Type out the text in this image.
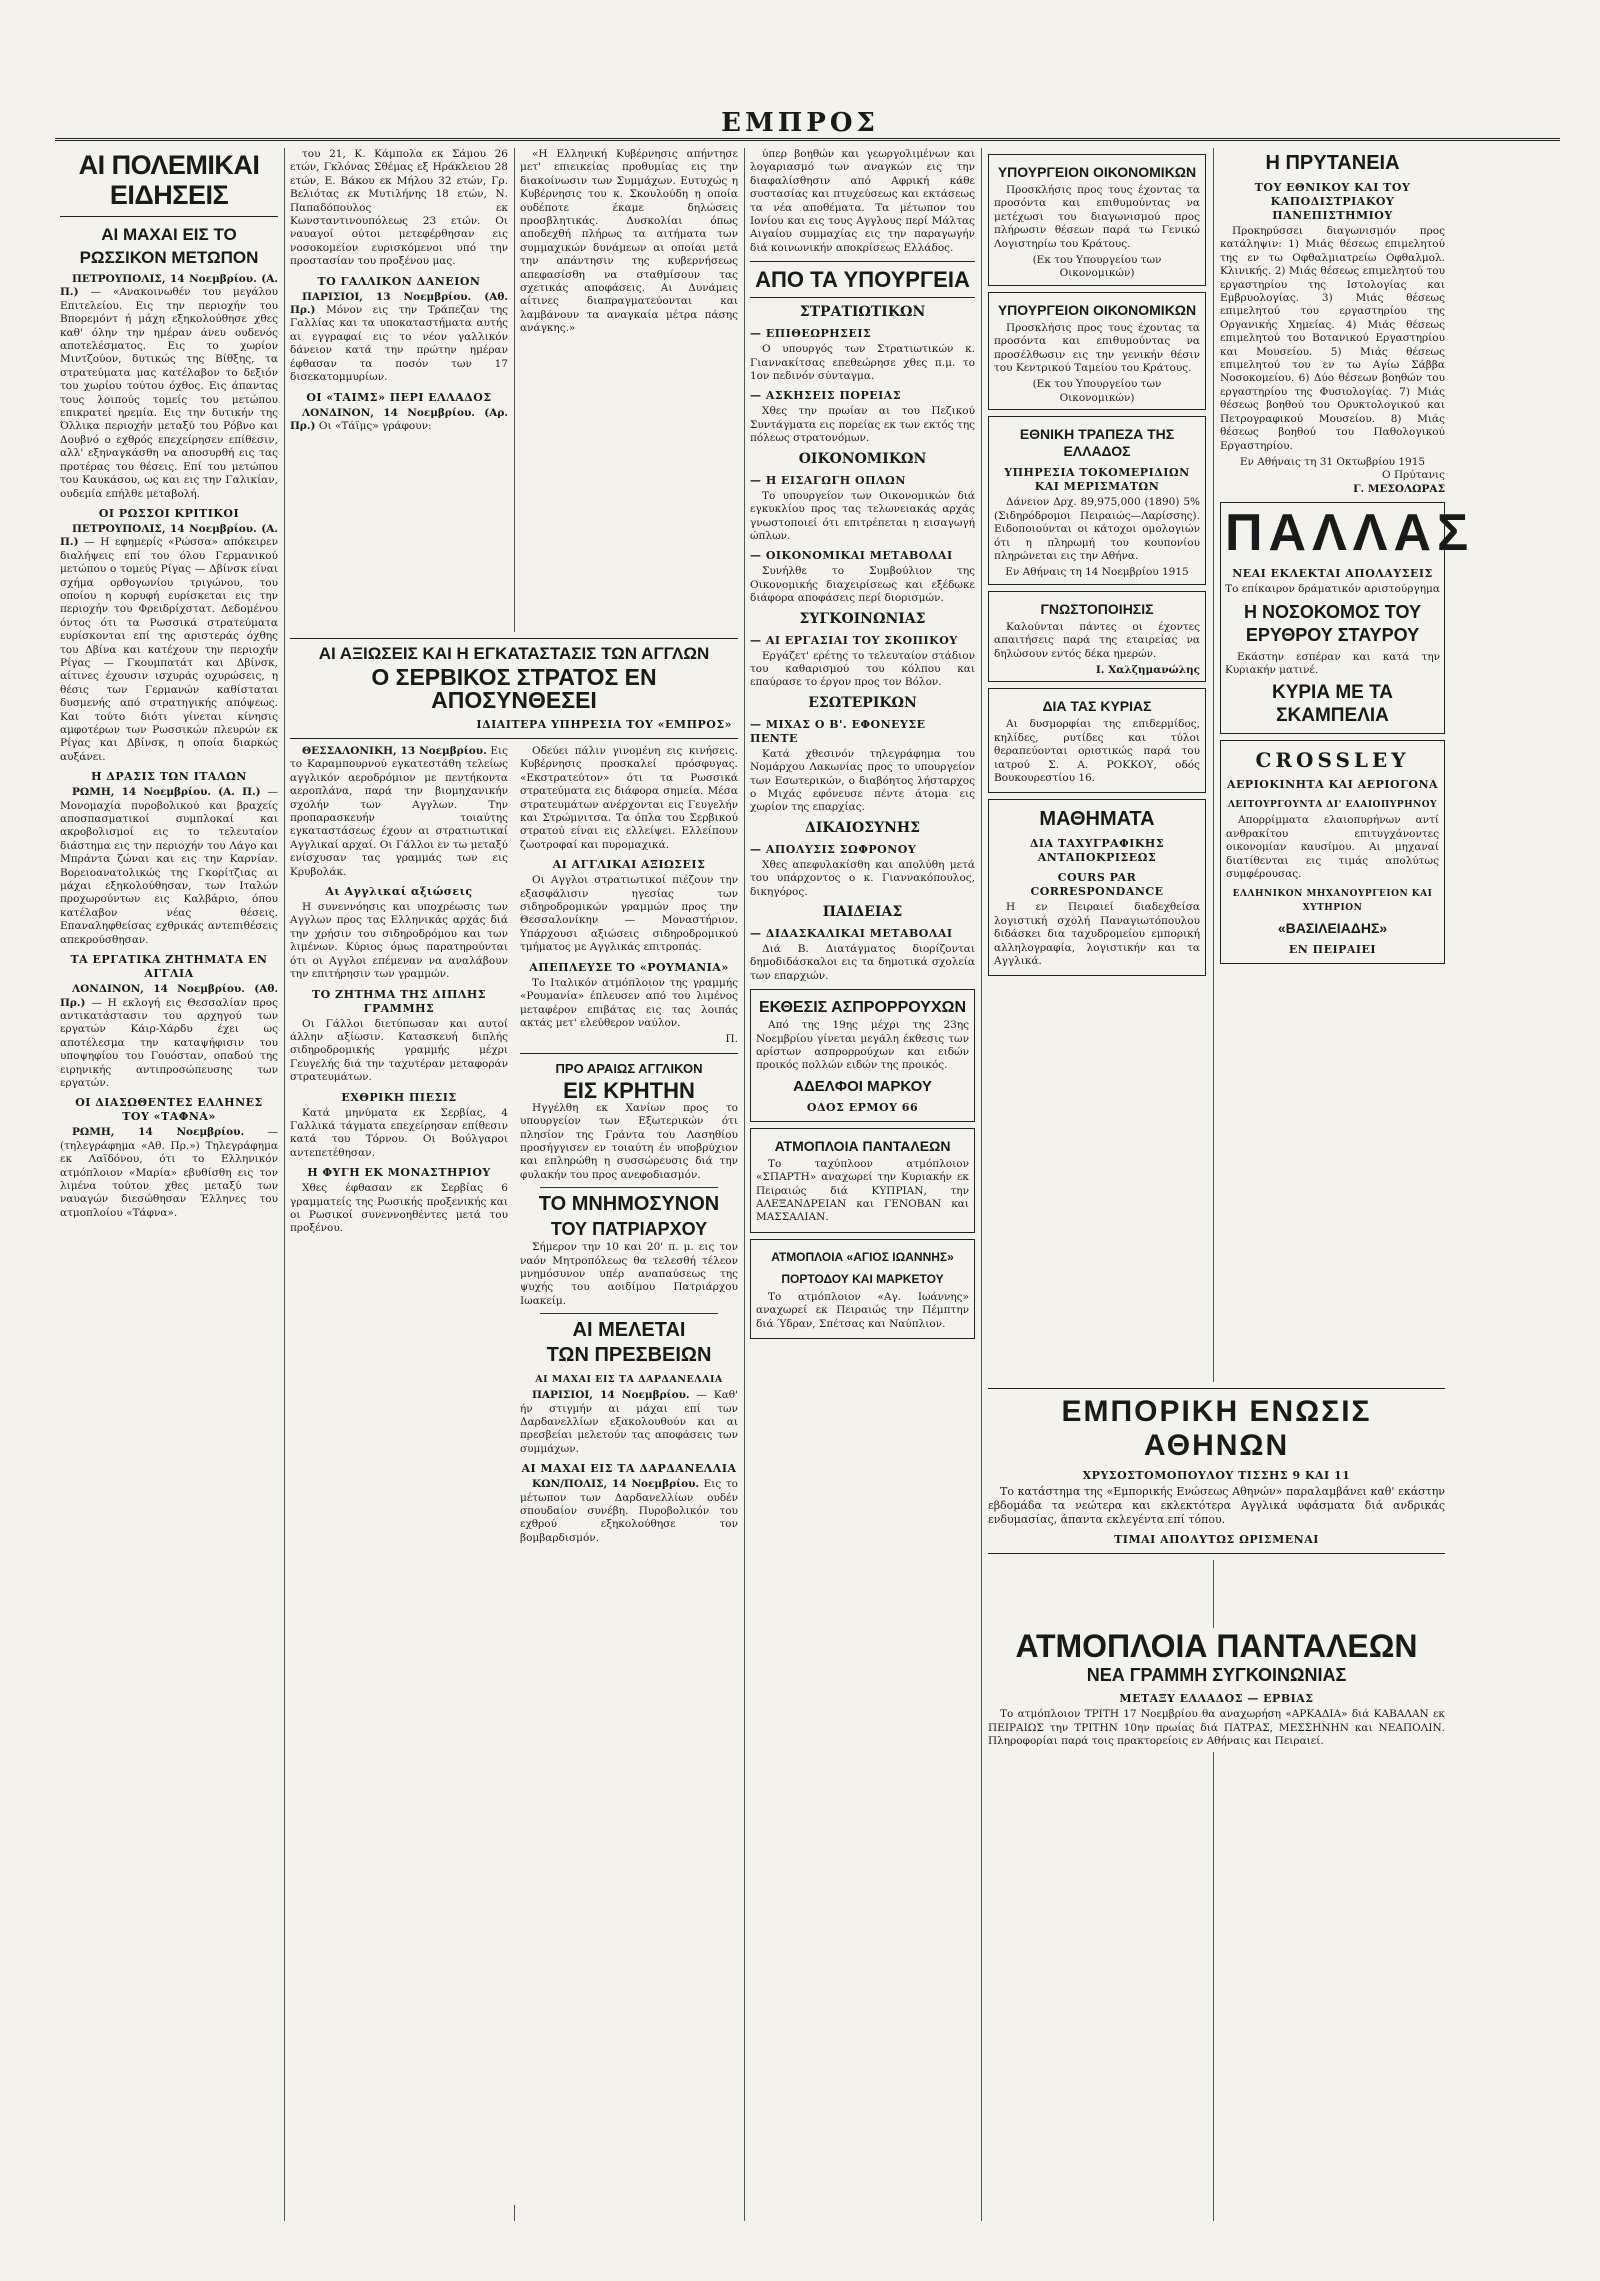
ΕΜΠΡΟΣ
ΑΙ ΠΟΛΕΜΙΚΑΙ ΕΙΔΗΣΕΙΣ
ΑΙ ΜΑΧΑΙ ΕΙΣ ΤΟ ΡΩΣΣΙΚΟΝ ΜΕΤΩΠΟΝ

ΠΕΤΡΟΥΠΟΛΙΣ, 14 Νοεμβρίου. (Α. Π.) — «Ανακοινωθέν του μεγάλου Επιτελείου. Εις την περιοχήν του Βπορεμόντ ή μάχη εξηκολούθησε χθες καθ' όλην την ημέραν άνευ ουδενός αποτελέσματος. Εις το χωρίον Μιντζούον, δυτικώς της Βίθξης, τα στρατεύματα μας κατέλαβον το δεξιόν του χωρίου τούτου όχθος. Εις άπαντας τους λοιπούς τομείς του μετώπου επικρατεί ηρεμία. Εις την δυτικήν της Όλλικα περιοχήν μεταξύ του Ρόβνο και Δουβνό ο εχθρός επεχείρησεν επίθεσιν, αλλ' εξηναγκάσθη να αποσυρθή εις τας προτέρας του θέσεις. Επί του μετώπου του Καυκάσου, ως και εις την Γαλικίαν, ουδεμία επήλθε μεταβολή.

ΟΙ ΡΩΣΣΟΙ ΚΡΙΤΙΚΟΙ

ΠΕΤΡΟΥΠΟΛΙΣ, 14 Νοεμβρίου. (Α. Π.) — Η εφημερίς «Ρώσσα» απόκειρεν διαλήψεις επί του όλου Γερμανικού μετώπου ο τομεύς Ρίγας — Δβίνσκ είναι σχήμα ορθογωνίου τριγώνου, του οποίου η κορυφή ευρίσκεται εις την περιοχήν του Φρειδρίχστατ. Δεδομένου όντος ότι τα Ρωσσικά στρατεύματα ευρίσκονται επί της αριστεράς όχθης του Δβίνα και κατέχουν την περιοχήν Ρίγας — Γκουμπατάτ και Δβίνσκ, αίτινες έχουσιν ισχυράς οχυρώσεις, η θέσις των Γερμανών καθίσταται δυσμενής από στρατηγικής απόψεως. Και τούτο διότι γίνεται κίνησις αμφοτέρων των Ρωσσικών πλευρών εκ Ρίγας και Δβίνσκ, η οποία διαρκώς αυξάνει.

Η ΔΡΑΣΙΣ ΤΩΝ ΙΤΑΛΩΝ

ΡΩΜΗ, 14 Νοεμβρίου. (Α. Π.) — Μονομαχία πυροβολικού και βραχείς αποσπασματικοί συμπλοκαί και ακροβολισμοί εις το τελευταίον διάστημα εις την περιοχήν του Λάγο και Μπράντα ζώναι και εις την Καρνίαν. Βορειοανατολικώς της Γκορίτζιας αι μάχαι εξηκολούθησαν, των Ιταλών προχωρούντων εις Καλβάριο, όπου κατέλαβον νέας θέσεις. Επαναληφθείσας εχθρικάς αντεπιθέσεις απεκρούσθησαν.

ΤΑ ΕΡΓΑΤΙΚΑ ΖΗΤΗΜΑΤΑ ΕΝ ΑΓΓΛΙΑ

ΛΟΝΔΙΝΟΝ, 14 Νοεμβρίου. (Αθ. Πρ.) — Η εκλογή εις Θεσσαλίαν προς αντικατάστασιν του αρχηγού των εργατών Κάιρ-Χάρδυ έχει ως αποτέλεσμα την καταψήφισιν του υποψηφίου του Γουόσταν, οπαδού της ειρηνικής αντιπροσώπευσης των εργατών.

ΟΙ ΔΙΑΣΩΘΕΝΤΕΣ ΕΛΛΗΝΕΣ ΤΟΥ «ΤΑΦΝΑ»

ΡΩΜΗ, 14 Νοεμβρίου. — (τηλεγράφημα «Αθ. Πρ.») Τηλεγράφημα εκ Λαϊδόνου, ότι το Ελληνικόν ατμόπλοιον «Μαρία» εβυθίσθη εις τον λιμένα τούτον χθες μεταξύ των ναυαγών διεσώθησαν Έλληνες του ατμοπλοίου «Τάφνα».

του 21, Κ. Κάμπολα εκ Σάμου 26 ετών, Γκλόνας Σθέμας εξ Ηράκλειου 28 ετών, Ε. Βάκου εκ Μήλου 32 ετών, Γρ. Βελιότας εκ Μυτιλήνης 18 ετών, Ν. Παπαδόπουλος εκ Κωνσταντινουπόλεως 23 ετών. Οι ναυαγοί ούτοι μετεφέρθησαν εις νοσοκομείον ευρισκόμενοι υπό την προστασίαν του προξένου μας.

ΤΟ ΓΑΛΛΙΚΟΝ ΔΑΝΕΙΟΝ

ΠΑΡΙΣΙΟΙ, 13 Νοεμβρίου. (Αθ. Πρ.) Μόνον εις την Τράπεζαν της Γαλλίας και τα υποκαταστήματα αυτής αι εγγραφαί εις το νέον γαλλικόν δάνειον κατά την πρώτην ημέραν έφθασαν τα ποσόν των 17 δισεκατομμυρίων.

ΟΙ «ΤΑΙΜΣ» ΠΕΡΙ ΕΛΛΑΔΟΣ

ΛΟΝΔΙΝΟΝ, 14 Νοεμβρίου. (Αρ. Πρ.) Οι «Τάϊμς» γράφουν:

«Η Ελληνική Κυβέρνησις απήντησε μετ' επιεικείας προθυμίας εις την διακοίνωσιν των Συμμάχων. Ευτυχώς η Κυβέρνησις του κ. Σκουλούδη η οποία ουδέποτε έκαμε δηλώσεις προσβλητικάς. Δυσκολίαι όπως αποδεχθή πλήρως τα αιτήματα των συμμαχικών δυνάμεων αι οποίαι μετά την απάντησιν της κυβερνήσεως απεφασίσθη να σταθμίσουν τας σχετικάς αποφάσεις. Αι Δυνάμεις αίτινες διαπραγματεύονται και λαμβάνουν τα αναγκαία μέτρα πάσης ανάγκης.»

ΑΙ ΑΞΙΩΣΕΙΣ ΚΑΙ Η ΕΓΚΑΤΑΣΤΑΣΙΣ ΤΩΝ ΑΓΓΛΩΝ
Ο ΣΕΡΒΙΚΟΣ ΣΤΡΑΤΟΣ ΕΝ ΑΠΟΣΥΝΘΕΣΕΙ
ΙΔΙΑΙΤΕΡΑ ΥΠΗΡΕΣΙΑ ΤΟΥ «ΕΜΠΡΟΣ»

ΘΕΣΣΑΛΟΝΙΚΗ, 13 Νοεμβρίου. Εις το Καραμπουρνού εγκατεστάθη τελείως αγγλικόν αεροδρόμιον με πεντήκοντα αεροπλάνα, παρά την βιομηχανικήν σχολήν των Αγγλων. Την προπαρασκευήν τοιαύτης εγκαταστάσεως έχουν αι στρατιωτικαί Αγγλικαί αρχαί. Οι Γάλλοι εν τω μεταξύ ενίσχυσαν τας γραμμάς των εις Κρυβολάκ.

Αι Αγγλικαί αξιώσεις

Η συνεννόησις και υποχρέωσις των Αγγλων προς τας Ελληνικάς αρχάς διά την χρήσιν του σιδηροδρόμου και των λιμένων. Κύριος όμως παρατηρούνται ότι οι Αγγλοι επέμεναν να αναλάβουν την επιτήρησιν των γραμμών.

ΤΟ ΖΗΤΗΜΑ ΤΗΣ ΔΙΠΛΗΣ ΓΡΑΜΜΗΣ

Οι Γάλλοι διετύπωσαν και αυτοί άλλην αξίωσιν. Κατασκευή διπλής σιδηροδρομικής γραμμής μέχρι Γευγελής διά την ταχυτέραν μεταφοράν στρατευμάτων.

ΕΧΘΡΙΚΗ ΠΙΕΣΙΣ

Κατά μηνύματα εκ Σερβίας, 4 Γαλλικά τάγματα επεχείρησαν επίθεσιν κατά του Τόρνου. Οι Βούλγαροι αντεπετέθησαν.

Η ΦΥΓΗ ΕΚ ΜΟΝΑΣΤΗΡΙΟΥ

Χθες έφθασαν εκ Σερβίας 6 γραμματείς της Ρωσικής προξενικής και οι Ρωσικοί συνεννοηθέντες μετά του προξένου.

Οδεύει πάλιν γινομένη εις κινήσεις. Κυβέρνησις προσκαλεί πρόσφυγας. «Εκστρατεύτον» ότι τα Ρωσσικά στρατεύματα εις διάφορα σημεία. Μέσα στρατευμάτων ανέρχονται εις Γευγελήν και Στρώμνιτσα. Τα όπλα του Σερβικού στρατού είναι εις ελλείψει. Ελλείπουν ζωοτροφαί και πυρομαχικά.

ΑΙ ΑΓΓΛΙΚΑΙ ΑΞΙΩΣΕΙΣ

Οι Αγγλοι στρατιωτικοί πιέζουν την εξασφάλισιν ηγεσίας των σιδηροδρομικών γραμμών προς την Θεσσαλονίκην — Μοναστήριον. Υπάρχουσι αξιώσεις σιδηροδρομικού τμήματος με Αγγλικάς επιτροπάς.

ΑΠΕΠΛΕΥΣΕ ΤΟ «ΡΟΥΜΑΝΙΑ»

Το Ιταλικόν ατμόπλοιον της γραμμής «Ρουμανία» έπλευσεν από του λιμένος μεταφέρον επιβάτας εις τας λοιπάς ακτάς μετ' ελεύθερον ναύλον.

Π.
ΠΡΟ ΑΡΑΙΩΣ ΑΓΓΛΙΚΟΝ
ΕΙΣ ΚΡΗΤΗΝ

Ηγγέλθη εκ Χανίων προς το υπουργείον των Εξωτερικών ότι πλησίον της Γράντα του Λασηθίου προσήγγισεν εν τοιαύτη έν υποβρύχιον και επληρώθη η συσσώρευσις διά την φυλακήν του προς ανεφοδιασμόν.

ΤΟ ΜΝΗΜΟΣΥΝΟΝ
ΤΟΥ ΠΑΤΡΙΑΡΧΟΥ

Σήμερον την 10 και 20' π. μ. εις τον ναόν Μητροπόλεως θα τελεσθή τέλεον μνημόσυνον υπέρ αναπαύσεως της ψυχής του αοιδίμου Πατριάρχου Ιωακείμ.

ΑΙ ΜΕΛΕΤΑΙ
ΤΩΝ ΠΡΕΣΒΕΙΩΝ
ΑΙ ΜΑΧΑΙ ΕΙΣ ΤΑ ΔΑΡΔΑΝΕΛΛΙΑ

ΠΑΡΙΣΙΟΙ, 14 Νοεμβρίου. — Καθ' ήν στιγμήν αι μάχαι επί των Δαρδανελλίων εξακολουθούν και αι πρεσβείαι μελετούν τας αποφάσεις των συμμάχων.

ΑΙ ΜΑΧΑΙ ΕΙΣ ΤΑ ΔΑΡΔΑΝΕΛΛΙΑ

ΚΩΝ/ΠΟΛΙΣ, 14 Νοεμβρίου. Εις το μέτωπον των Δαρδανελλίων ουδέν σπουδαίον συνέβη. Πυροβολικόν του εχθρού εξηκολούθησε τον βομβαρδισμόν.

ύπερ βοηθών και γεωργολιμένων και λογαριασμό των αναγκών εις την διαφαλίσθησιν από Αφρική κάθε συστασίας και πτυχεύσεως και εκτάσεως τα νέα αποθέματα. Τα μέτωπον του Ιονίου και εις τους Αγγλους περί Μάλτας Αιγαίου συμμαχίας εις την παραγωγήν διά κοινωνικήν αποκρίσεως Ελλάδος.

ΑΠΟ ΤΑ ΥΠΟΥΡΓΕΙΑ
ΣΤΡΑΤΙΩΤΙΚΩΝ
— ΕΠΙΘΕΩΡΗΣΕΙΣ

Ο υπουργός των Στρατιωτικών κ. Γιαννακίτσας επεθεώρησε χθες π.μ. το 1ον πεδινόν σύνταγμα.

— ΑΣΚΗΣΕΙΣ ΠΟΡΕΙΑΣ

Χθες την πρωίαν αι του Πεζικού Συντάγματα εις πορείας εκ των εκτός της πόλεως στρατονόμων.

ΟΙΚΟΝΟΜΙΚΩΝ
— Η ΕΙΣΑΓΩΓΗ ΟΠΛΩΝ

Το υπουργείον των Οικονομικών διά εγκυκλίου προς τας τελωνειακάς αρχάς γνωστοποιεί ότι επιτρέπεται η εισαγωγή ώπλων.

— ΟΙΚΟΝΟΜΙΚΑΙ ΜΕΤΑΒΟΛΑΙ

Συνήλθε το Συμβούλιον της Οικονομικής διαχειρίσεως και εξέδωκε διάφορα αποφάσεις περί διορισμών.

ΣΥΓΚΟΙΝΩΝΙΑΣ
— ΑΙ ΕΡΓΑΣΙΑΙ ΤΟΥ ΣΚΟΠΙΚΟΥ

Εργάζετ' ερέτης το τελευταίον στάδιον του καθαρισμού του κόλπου και επαύρασε το έργον προς τον Βόλον.

ΕΣΩΤΕΡΙΚΩΝ
— ΜΙΧΑΣ Ο Β'. ΕΦΟΝΕΥΣΕ ΠΕΝΤΕ

Κατά χθεσινόν τηλεγράφημα του Νομάρχου Λακωνίας προς το υπουργείον των Εσωτερικών, ο διαβόητος λήσταρχος ο Μιχάς εφόνευσε πέντε άτομα εις χωρίον της επαρχίας.

ΔΙΚΑΙΟΣΥΝΗΣ
— ΑΠΟΛΥΣΙΣ ΣΩΦΡΟΝΟΥ

Χθες απεφυλακίσθη και απολύθη μετά του υπάρχοντος ο κ. Γιαννακόπουλος, δικηγόρος.

ΠΑΙΔΕΙΑΣ
— ΔΙΔΑΣΚΑΛΙΚΑΙ ΜΕΤΑΒΟΛΑΙ

Διά Β. Διατάγματος διορίζονται δημοδιδάσκαλοι εις τα δημοτικά σχολεία των επαρχιών.

ΕΚΘΕΣΙΣ ΑΣΠΡΟΡΡΟΥΧΩΝ

Από της 19ης μέχρι της 23ης Νοεμβρίου γίνεται μεγάλη έκθεσις των αρίστων ασπρορρούχων και ειδών προικός πολλών ειδών της προικός.

ΑΔΕΛΦΟΙ ΜΑΡΚΟΥ
ΟΔΟΣ ΕΡΜΟΥ 66
ΑΤΜΟΠΛΟΙΑ ΠΑΝΤΑΛΕΩΝ

Το ταχύπλοον ατμόπλοιον «ΣΠΑΡΤΗ» αναχωρεί την Κυριακήν εκ Πειραιώς διά ΚΥΠΡΙΑΝ, την ΑΛΕΞΑΝΔΡΕΙΑΝ και ΓΕΝΟΒΑΝ και ΜΑΣΣΑΛΙΑΝ.

ΑΤΜΟΠΛΟΙΑ «ΑΓΙΟΣ ΙΩΑΝΝΗΣ»
ΠΟΡΤΟΔΟΥ ΚΑΙ ΜΑΡΚΕΤΟΥ

Το ατμόπλοιον «Αγ. Ιωάννης» αναχωρεί εκ Πειραιώς την Πέμπτην διά Ύδραν, Σπέτσας και Ναύπλιον.

ΥΠΟΥΡΓΕΙΟΝ ΟΙΚΟΝΟΜΙΚΩΝ

Προσκλήσις προς τους έχοντας τα προσόντα και επιθυμούντας να μετέχωσι του διαγωνισμού προς πλήρωσιν θέσεων παρά τω Γενικώ Λογιστηρίω του Κράτους.

(Εκ του Υπουργείου των Οικονομικών)
ΥΠΟΥΡΓΕΙΟΝ ΟΙΚΟΝΟΜΙΚΩΝ

Προσκλήσις προς τους έχοντας τα προσόντα και επιθυμούντας να προσέλθωσιν εις την γενικήν θέσιν του Κεντρικού Ταμείου του Κράτους.

(Εκ του Υπουργείου των Οικονομικών)
ΕΘΝΙΚΗ ΤΡΑΠΕΖΑ ΤΗΣ ΕΛΛΑΔΟΣ
ΥΠΗΡΕΣΙΑ ΤΟΚΟΜΕΡΙΔΙΩΝ ΚΑΙ ΜΕΡΙΣΜΑΤΩΝ

Δάνειον Δρχ. 89,975,000 (1890) 5% (Σιδηρόδρομοι Πειραιώς—Λαρίσσης). Ειδοποιούνται οι κάτοχοι ομολογιών ότι η πληρωμή του κουπονίου πληρώνεται εις την Αθήνα.

Εν Αθήναις τη 14 Νοεμβρίου 1915
ΓΝΩΣΤΟΠΟΙΗΣΙΣ

Καλούνται πάντες οι έχοντες απαιτήσεις παρά της εταιρείας να δηλώσουν εντός δέκα ημερών.

Ι. Χαλζημανώλης
ΔΙΑ ΤΑΣ ΚΥΡΙΑΣ

Αι δυσμορφίαι της επιδερμίδος, κηλίδες, ρυτίδες και τύλοι θεραπεύονται οριστικώς παρά του ιατρού Σ. Α. ΡΟΚΚΟΥ, οδός Βουκουρεστίου 16.

ΜΑΘΗΜΑΤΑ
ΔΙΑ ΤΑΧΥΓΡΑΦΙΚΗΣ ΑΝΤΑΠΟΚΡΙΣΕΩΣ
COURS PAR CORRESPONDANCE

Η εν Πειραιεί διαδεχθείσα λογιστική σχολή Παναγιωτόπουλου διδάσκει δια ταχυδρομείου εμπορική αλληλογραφία, λογιστικήν και τα Αγγλικά.

Η ΠΡΥΤΑΝΕΙΑ
ΤΟΥ ΕΘΝΙΚΟΥ ΚΑΙ ΤΟΥ ΚΑΠΟΔΙΣΤΡΙΑΚΟΥ ΠΑΝΕΠΙΣΤΗΜΙΟΥ

Προκηρύσσει διαγωνισμόν προς κατάληψιν: 1) Μιάς θέσεως επιμελητού της εν τω Οφθαλμιατρείω Οφθαλμολ. Κλινικής. 2) Μιάς θέσεως επιμελητού του εργαστηρίου της Ιστολογίας και Εμβρυολογίας. 3) Μιάς θέσεως επιμελητού του εργαστηρίου της Οργανικής Χημείας. 4) Μιάς θέσεως επιμελητού του Βοτανικού Εργαστηρίου και Μουσείου. 5) Μιάς θέσεως επιμελητού του εν τω Αγίω Σάββα Νοσοκομείου. 6) Δύο θέσεων βοηθών του εργαστηρίου της Φυσιολογίας. 7) Μιάς θέσεως βοηθού του Ορυκτολογικού και Πετρογραφικού Μουσείου. 8) Μιάς θέσεως βοηθού του Παθολογικού Εργαστηρίου.

Εν Αθήναις τη 31 Οκτωβρίου 1915
Ο Πρύτανις
Γ. ΜΕΣΟΛΩΡΑΣ
ΠΑΛΛΑΣ
ΝΕΑΙ ΕΚΛΕΚΤΑΙ ΑΠΟΛΑΥΣΕΙΣ
Το επίκαιρον δράματικόν αριστούργημα
Η ΝΟΣΟΚΟΜΟΣ ΤΟΥ ΕΡΥΘΡΟΥ ΣΤΑΥΡΟΥ

Εκάστην εσπέραν και κατά την Κυριακήν ματινέ.

ΚΥΡΙΑ ΜΕ ΤΑ ΣΚΑΜΠΕΛΙΑ
CROSSLEY
ΑΕΡΙΟΚΙΝΗΤΑ ΚΑΙ ΑΕΡΙΟΓΟΝΑ
ΛΕΙΤΟΥΡΓΟΥΝΤΑ ΔΙ' ΕΛΑΙΟΠΥΡΗΝΟΥ

Απορρίμματα ελαιοπυρήνων αντί ανθρακίτου επιτυγχάνοντες οικονομίαν καυσίμου. Αι μηχαναί διατίθενται εις τιμάς απολύτως συμφέρουσας.

ΕΛΛΗΝΙΚΟΝ ΜΗΧΑΝΟΥΡΓΕΙΟΝ ΚΑΙ ΧΥΤΗΡΙΟΝ
«ΒΑΣΙΛΕΙΑΔΗΣ»
ΕΝ ΠΕΙΡΑΙΕΙ
ΕΜΠΟΡΙΚΗ ΕΝΩΣΙΣ
ΑΘΗΝΩΝ
ΧΡΥΣΟΣΤΟΜΟΠΟΥΛΟΥ ΤΙΣΣΗΣ 9 ΚΑΙ 11

Το κατάστημα της «Εμπορικής Ενώσεως Αθηνών» παραλαμβάνει καθ' εκάστην εβδομάδα τα νεώτερα και εκλεκτότερα Αγγλικά υφάσματα διά ανδρικάς ενδυμασίας, άπαντα εκλεγέντα επί τόπου.

ΤΙΜΑΙ ΑΠΟΛΥΤΩΣ ΩΡΙΣΜΕΝΑΙ
ΑΤΜΟΠΛΟΙΑ ΠΑΝΤΑΛΕΩΝ
ΝΕΑ ΓΡΑΜΜΗ ΣΥΓΚΟΙΝΩΝΙΑΣ
ΜΕΤΑΞΥ ΕΛΛΑΔΟΣ — ΕΡΒΙΑΣ

Το ατμόπλοιον ΤΡΙΤΗ 17 Νοεμβρίου θα αναχωρήση «ΑΡΚΑΔΙΑ» διά ΚΑΒΑΛΑΝ εκ ΠΕΙΡΑΙΩΣ την ΤΡΙΤΗΝ 10ην πρωίας διά ΠΑΤΡΑΣ, ΜΕΣΣΗΝΗΝ και ΝΕΑΠΟΛΙΝ. Πληροφορίαι παρά τοις πρακτορείοις εν Αθήναις και Πειραιεί.
